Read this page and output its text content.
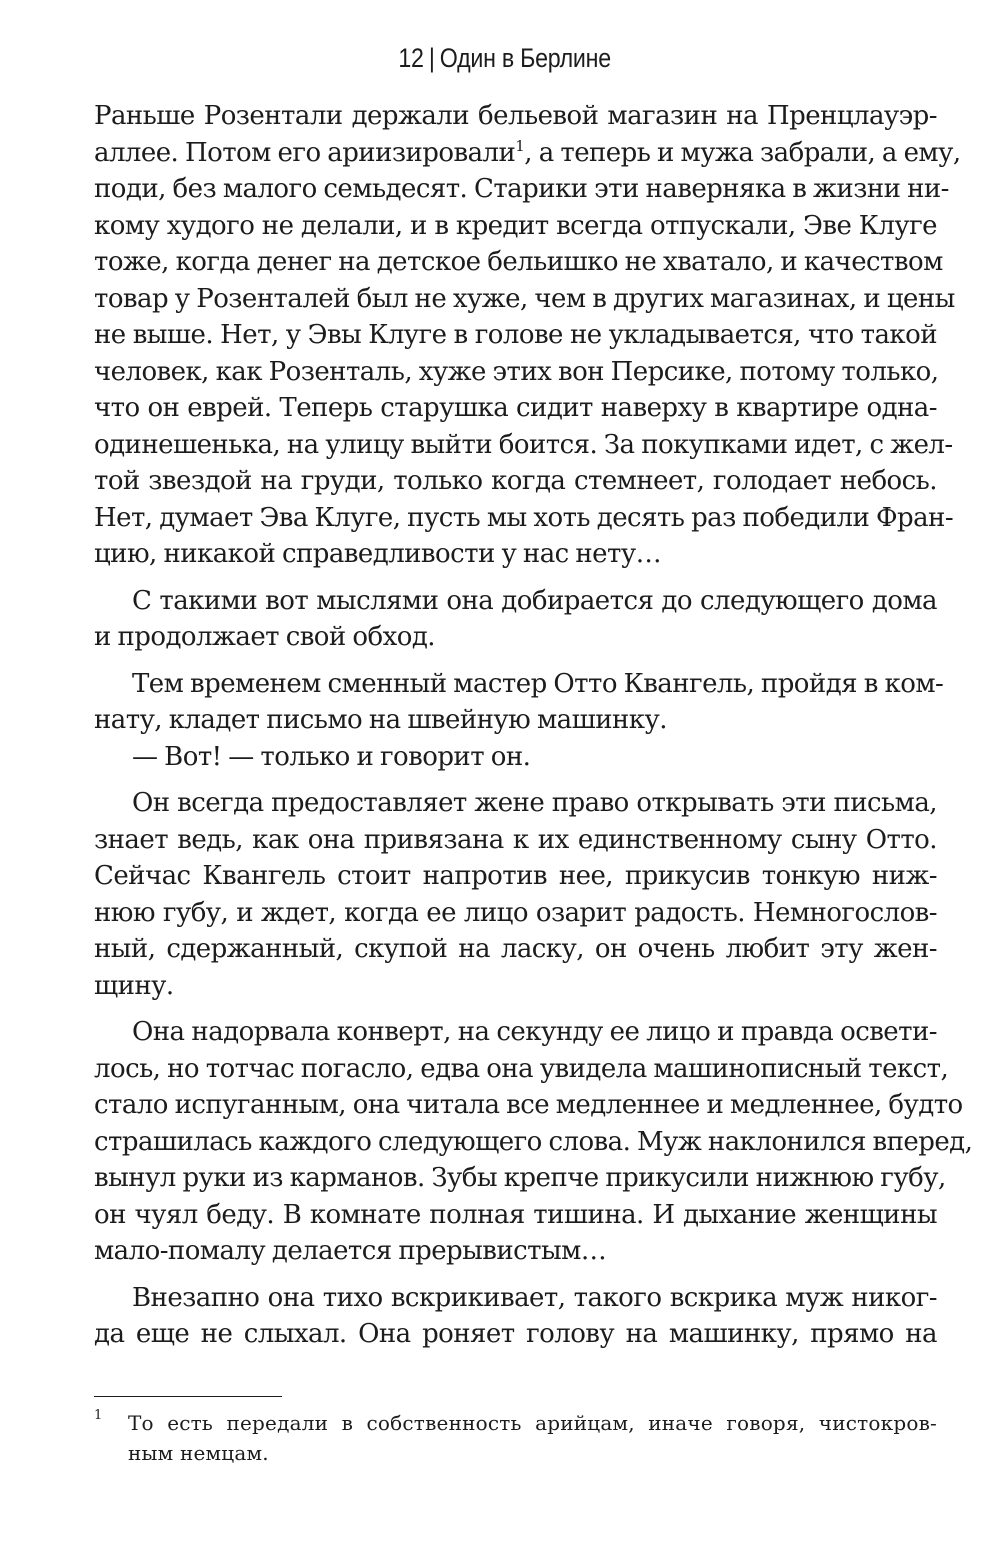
12 | Один в Берлине
Раньше Розентали держали бельевой магазин на Пренцлауэр-
аллее. Потом его ариизировали$^1$, а теперь и мужа забрали, а ему,
поди, без малого семьдесят. Старики эти наверняка в жизни ни-
кому худого не делали, и в кредит всегда отпускали, Эве Клуге
тоже, когда денег на детское бельишко не хватало, и качеством
товар у Розенталей был не хуже, чем в других магазинах, и цены
не выше. Нет, у Эвы Клуге в голове не укладывается, что такой
человек, как Розенталь, хуже этих вон Персике, потому только,
что он еврей. Теперь старушка сидит наверху в квартире одна-
одинешенька, на улицу выйти боится. За покупками идет, с жел-
той звездой на груди, только когда стемнеет, голодает небось.
Нет, думает Эва Клуге, пусть мы хоть десять раз победили Фран-
цию, никакой справедливости у нас нету…
С такими вот мыслями она добирается до следующего дома
и продолжает свой обход.
Тем временем сменный мастер Отто Квангель, пройдя в ком-
нату, кладет письмо на швейную машинку.
— Вот! — только и говорит он.
Он всегда предоставляет жене право открывать эти письма,
знает ведь, как она привязана к их единственному сыну Отто.
Сейчас Квангель стоит напротив нее, прикусив тонкую ниж-
нюю губу, и ждет, когда ее лицо озарит радость. Немногослов-
ный, сдержанный, скупой на ласку, он очень любит эту жен-
щину.
Она надорвала конверт, на секунду ее лицо и правда освети-
лось, но тотчас погасло, едва она увидела машинописный текст,
стало испуганным, она читала все медленнее и медленнее, будто
страшилась каждого следующего слова. Муж наклонился вперед,
вынул руки из карманов. Зубы крепче прикусили нижнюю губу,
он чуял беду. В комнате полная тишина. И дыхание женщины
мало-помалу делается прерывистым…
Внезапно она тихо вскрикивает, такого вскрика муж никог-
да еще не слыхал. Она роняет голову на машинку, прямо на
1 То есть передали в собственность арийцам, иначе говоря, чистокров-
ным немцам.
